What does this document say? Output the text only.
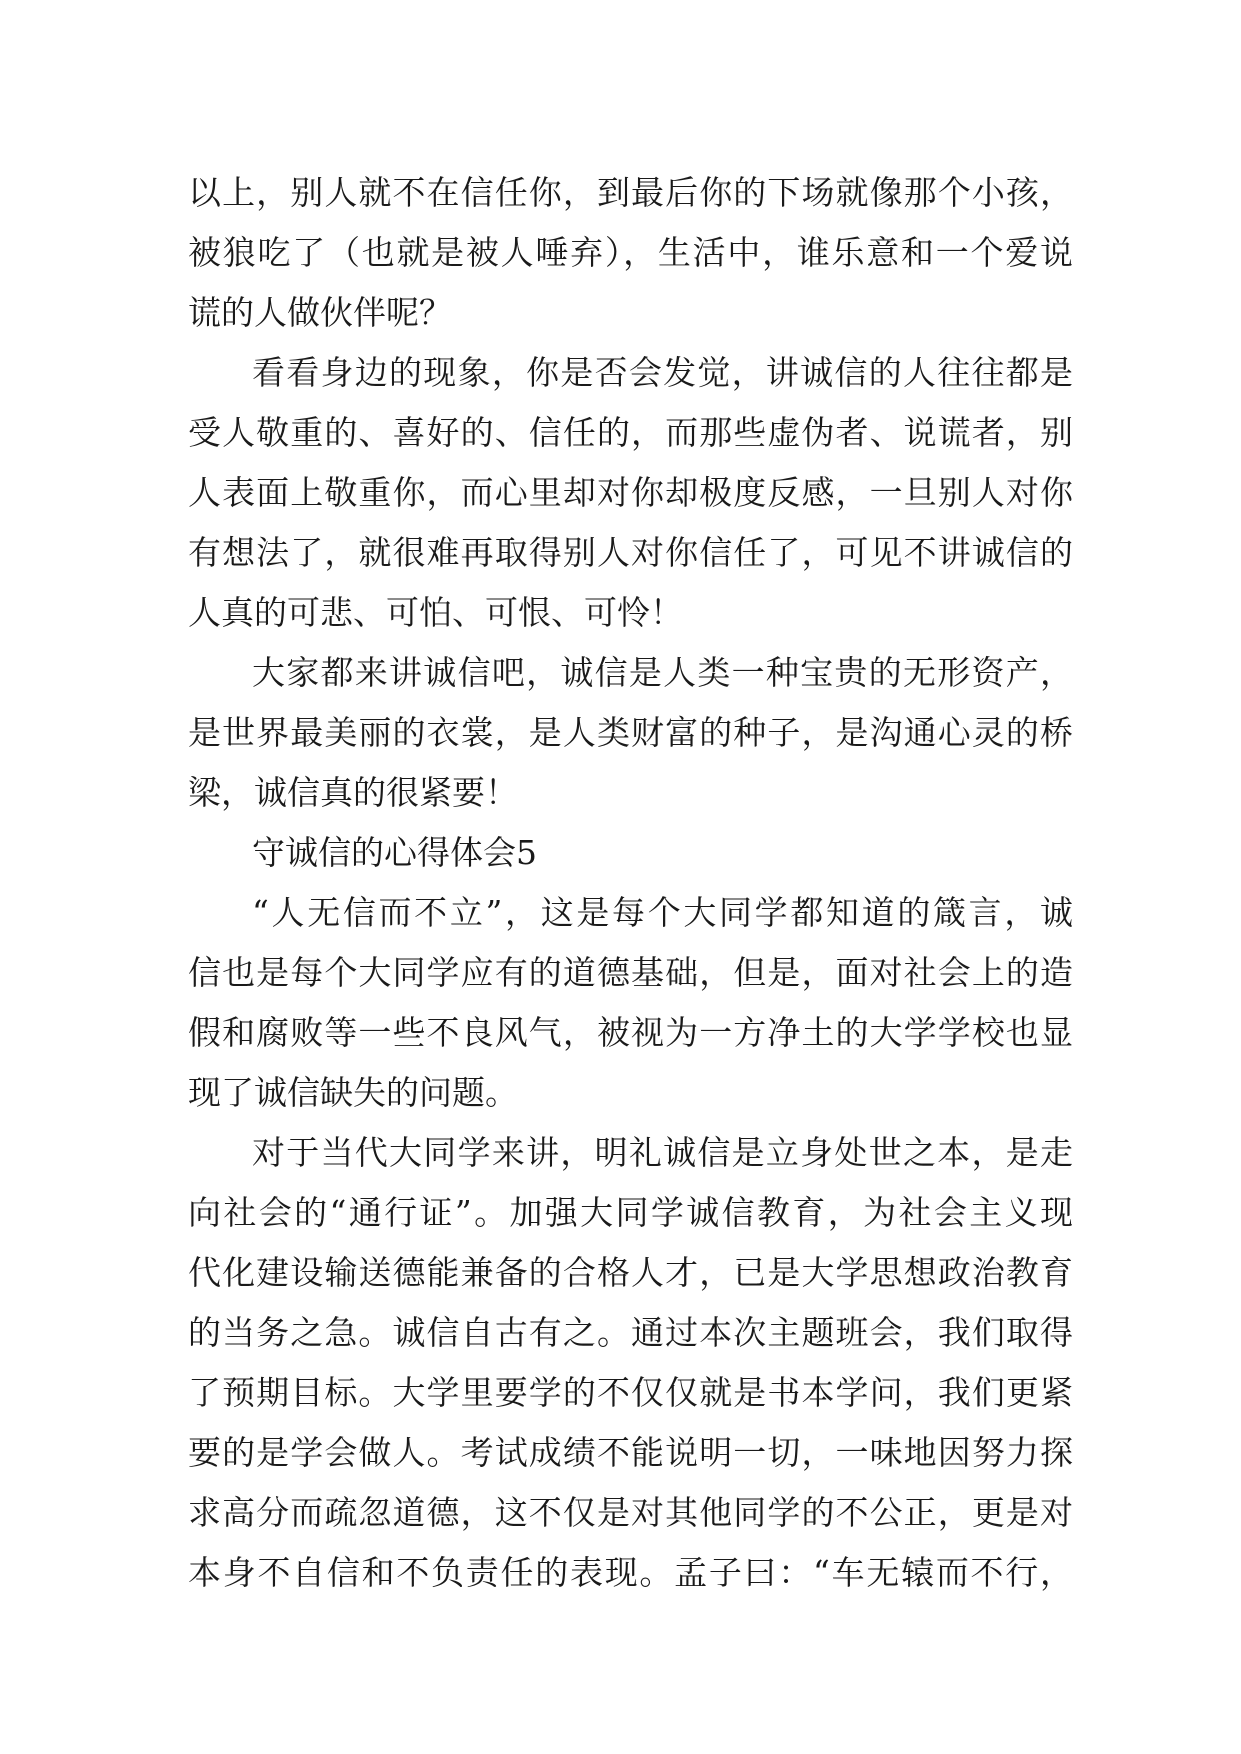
以上，别人就不在信任你，到最后你的下场就像那个小孩，
被狼吃了（也就是被人唾弃），生活中，谁乐意和一个爱说
谎的人做伙伴呢？
看看身边的现象，你是否会发觉，讲诚信的人往往都是
受人敬重的、喜好的、信任的，而那些虚伪者、说谎者，别
人表面上敬重你，而心里却对你却极度反感，一旦别人对你
有想法了，就很难再取得别人对你信任了，可见不讲诚信的
人真的可悲、可怕、可恨、可怜！
大家都来讲诚信吧，诚信是人类一种宝贵的无形资产，
是世界最美丽的衣裳，是人类财富的种子，是沟通心灵的桥
梁，诚信真的很紧要！
守诚信的心得体会5
“人无信而不立”，这是每个大同学都知道的箴言，诚
信也是每个大同学应有的道德基础，但是，面对社会上的造
假和腐败等一些不良风气，被视为一方净土的大学学校也显
现了诚信缺失的问题。
对于当代大同学来讲，明礼诚信是立身处世之本，是走
向社会的“通行证”。加强大同学诚信教育，为社会主义现
代化建设输送德能兼备的合格人才，已是大学思想政治教育
的当务之急。诚信自古有之。通过本次主题班会，我们取得
了预期目标。大学里要学的不仅仅就是书本学问，我们更紧
要的是学会做人。考试成绩不能说明一切，一味地因努力探
求高分而疏忽道德，这不仅是对其他同学的不公正，更是对
本身不自信和不负责任的表现。孟子曰：“车无辕而不行，
